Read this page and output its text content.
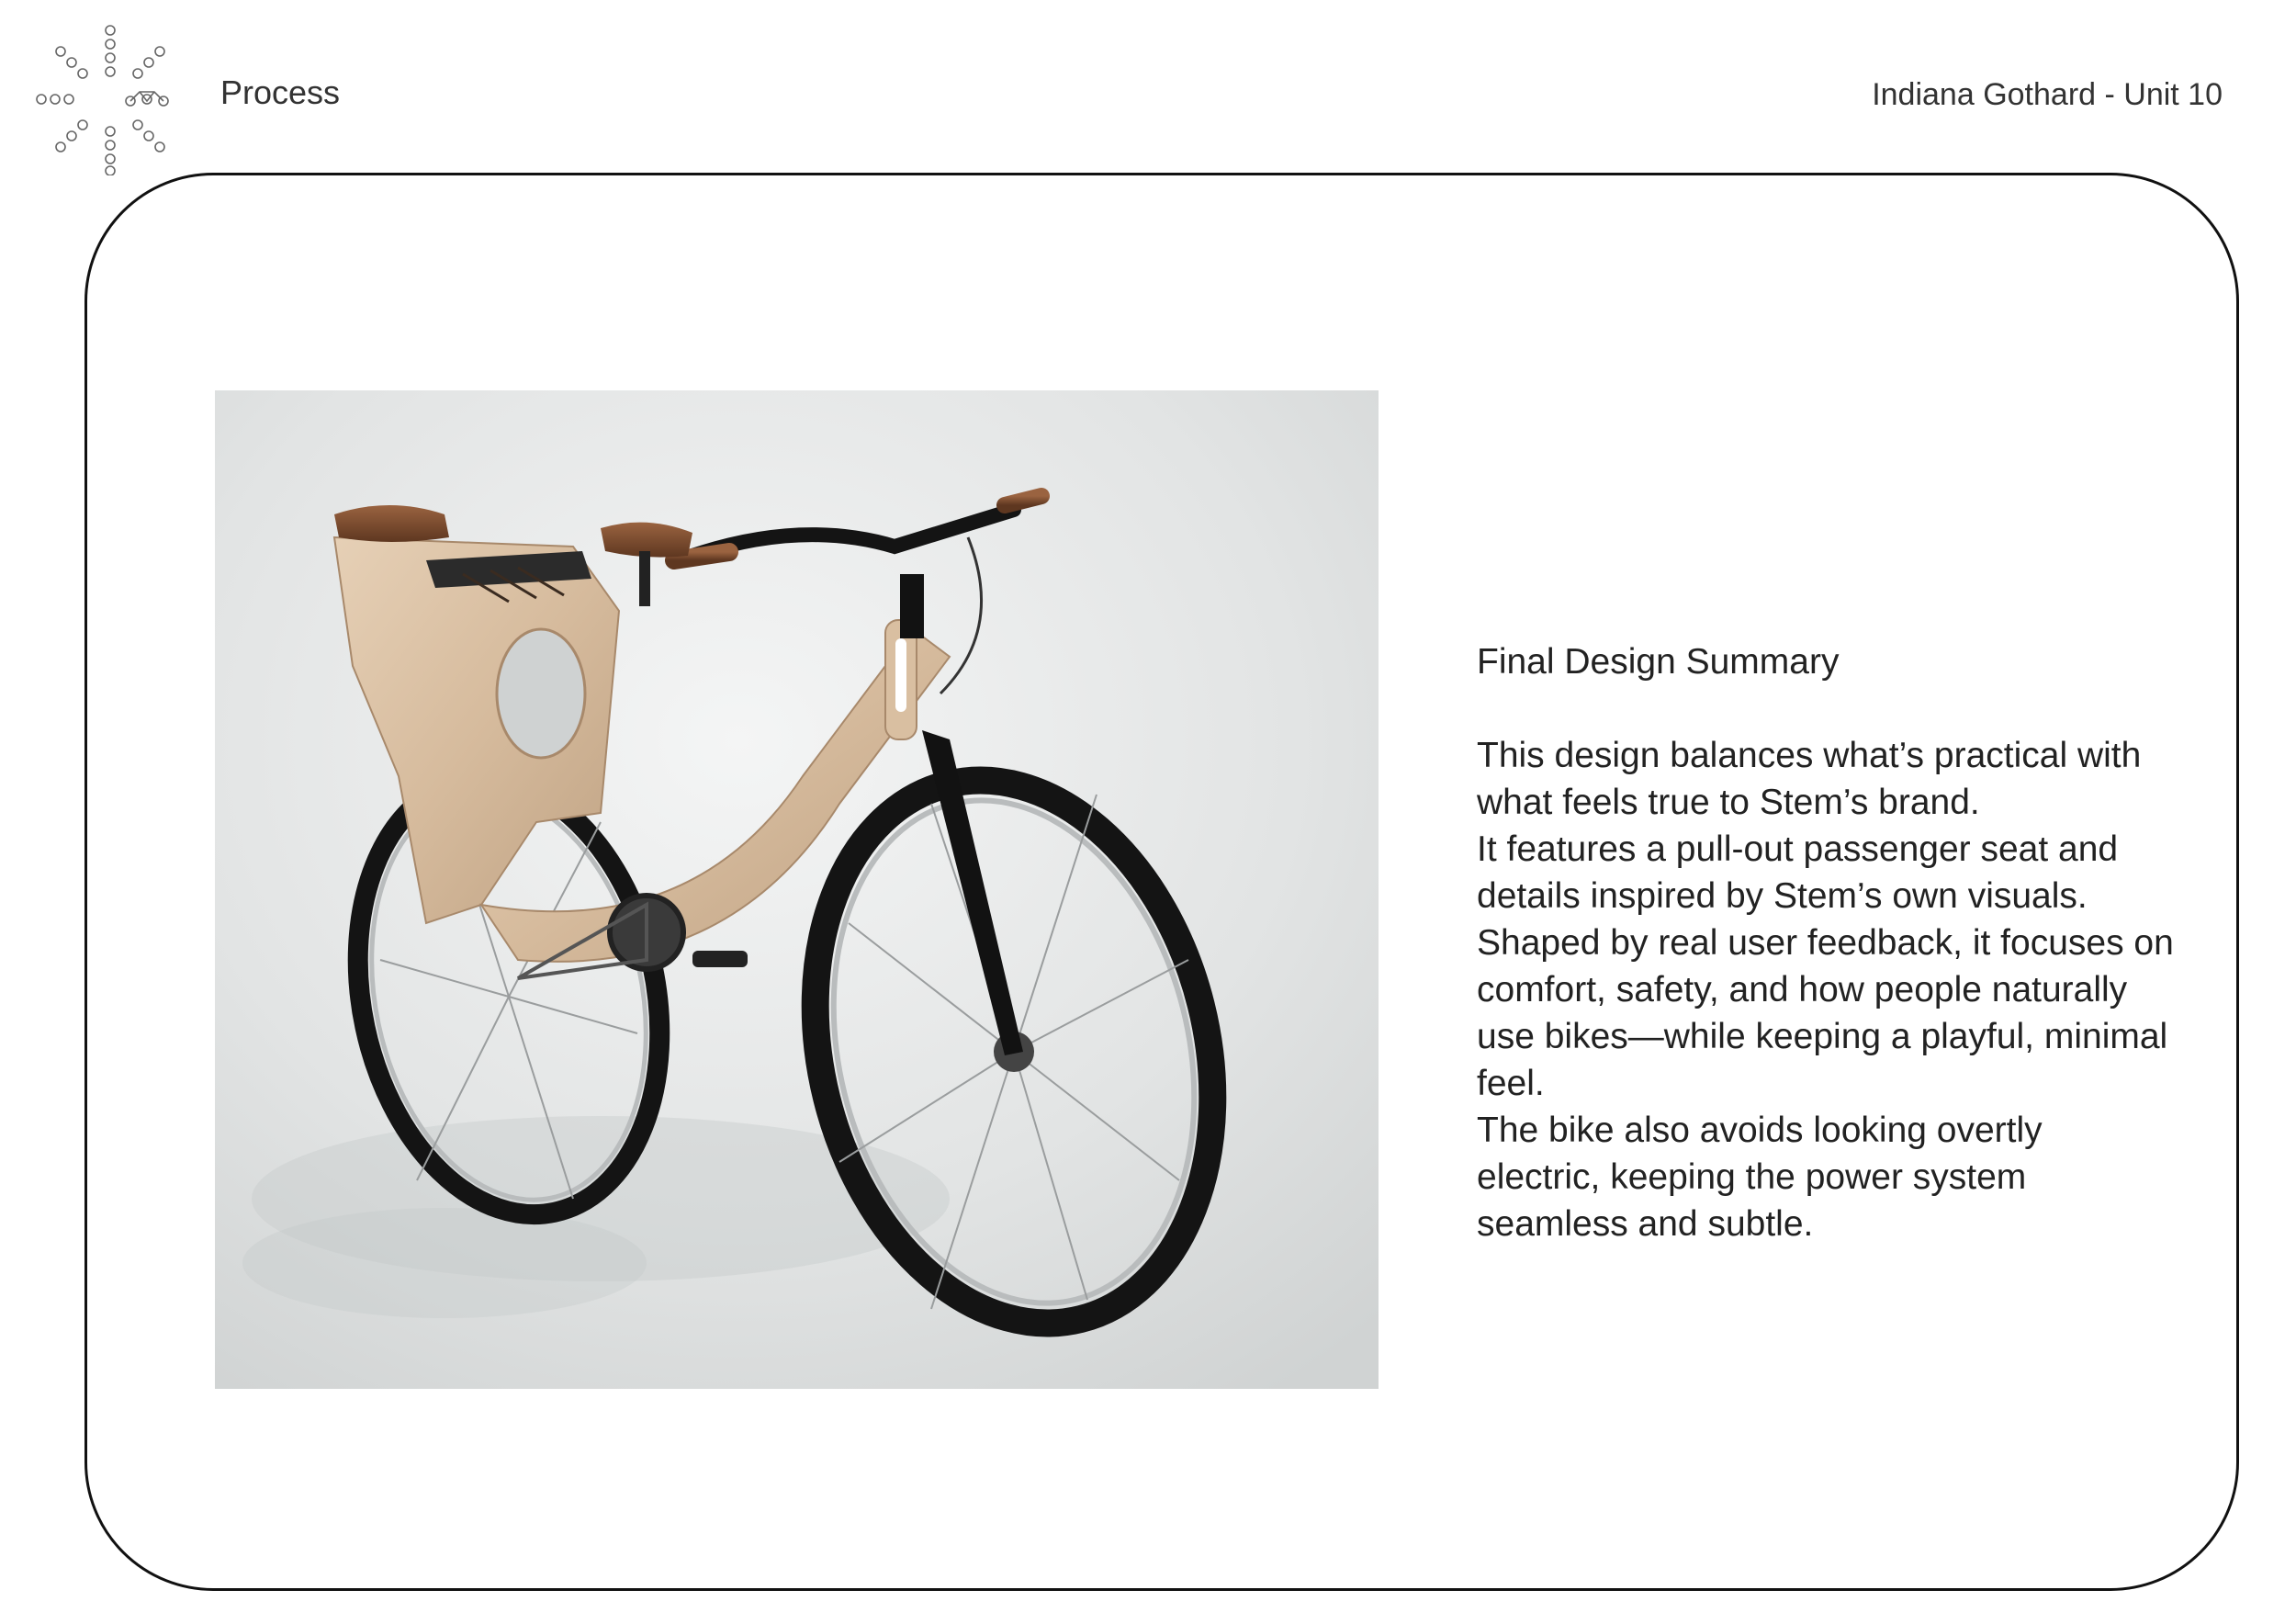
Process	Indiana Gothard - Unit 10

Final Design Summary

This design balances what’s practical with what feels true to Stem’s brand.

It features a pull-out passenger seat and details inspired by Stem’s own visuals.

Shaped by real user feedback, it focuses on comfort, safety, and how people naturally use bikes—while keeping a playful, minimal feel.

The bike also avoids looking overtly electric, keeping the power system seamless and subtle.
